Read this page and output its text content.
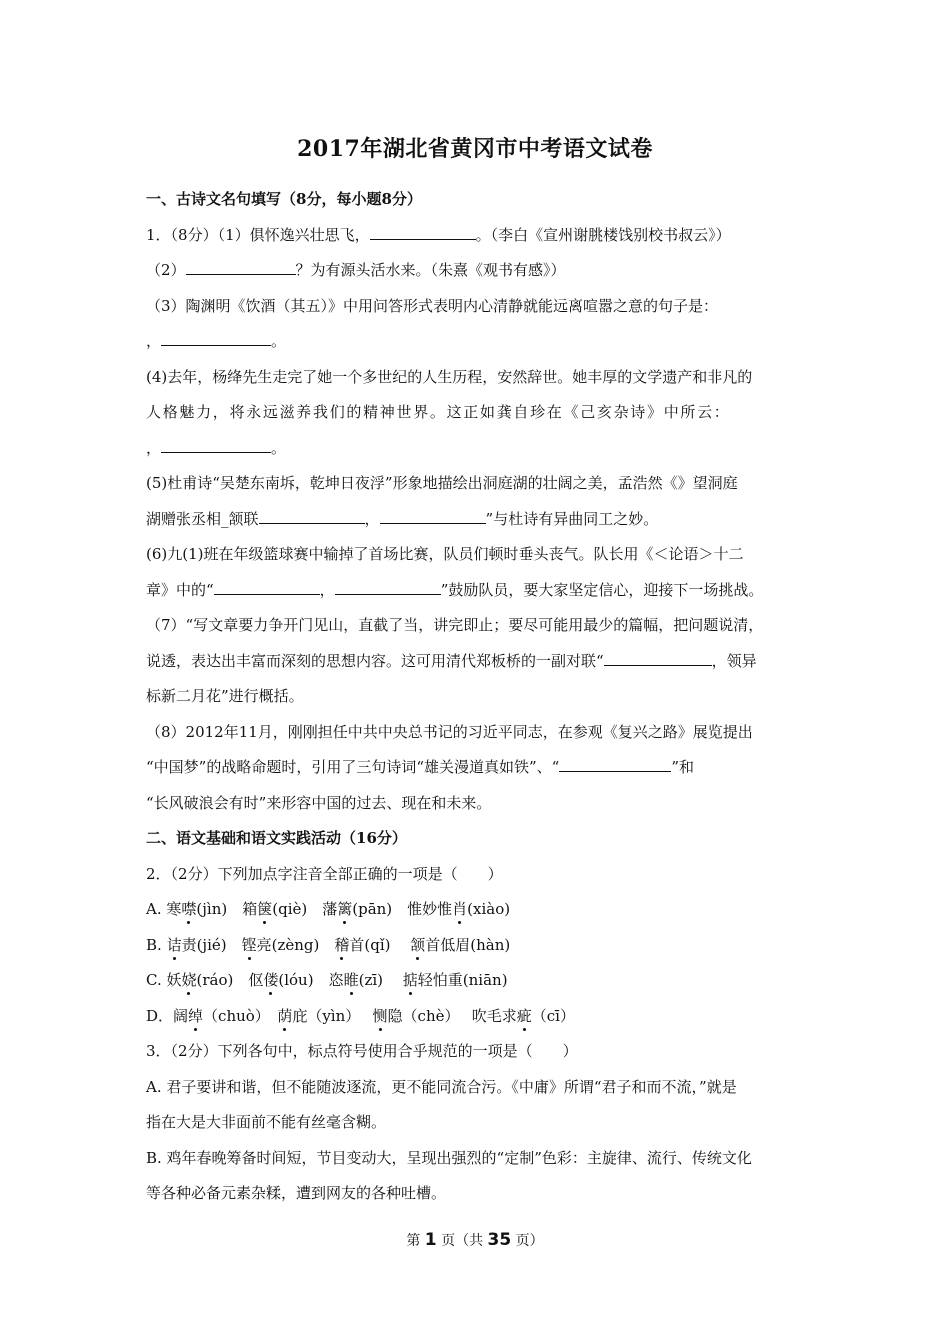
2017年湖北省黄冈市中考语文试卷
一、古诗文名句填写（8分，每小题8分）
1．（8分）（1）俱怀逸兴壮思飞，	。（李白《宣州谢朓楼饯别校书叔云》）
（2）	？为有源头活水来。（朱熹《观书有感》）
（3）陶渊明《饮酒（其五）》中用问答形式表明内心清静就能远离喧嚣之意的句子是：
，	。
(4)去年，杨绛先生走完了她一个多世纪的人生历程，安然辞世。她丰厚的文学遗产和非凡的
人格魅力，将永远滋养我们的精神世界。这正如龚自珍在《己亥杂诗》中所云：
，	。
(5)杜甫诗“吴楚东南坼，乾坤日夜浮”形象地描绘出洞庭湖的壮阔之美，孟浩然《》望洞庭
湖赠张丞相_颔联	，	”与杜诗有异曲同工之妙。
(6)九(1)班在年级篮球赛中输掉了首场比赛，队员们顿时垂头丧气。队长用《＜论语＞十二
章》中的“	，	”鼓励队员，要大家坚定信心，迎接下一场挑战。
（7）“写文章要力争开门见山，直截了当，讲完即止；要尽可能用最少的篇幅，把问题说清，
说透，表达出丰富而深刻的思想内容。这可用清代郑板桥的一副对联“	，领异
标新二月花”进行概括。
（8）2012年11月，刚刚担任中共中央总书记的习近平同志，在参观《复兴之路》展览提出
“中国梦”的战略命题时，引用了三句诗词“雄关漫道真如铁”、“	”和
“长风破浪会有时”来形容中国的过去、现在和未来。
二、语文基础和语文实践活动（16分）
2．（2分）下列加点字注音全部正确的一项是（　　）
A. 寒噤(jìn)　箱箧(qiè)　藩篱(pān)　惟妙惟肖(xiào)
B. 诘责(jié)　铿亮(zèng)　稽首(qǐ)　 颔首低眉(hàn)
C. 妖娆(ráo)　伛偻(lóu)　恣睢(zī)　 掂轻怕重(niān)
D．阔绰（chuò）　荫庇（yìn）　 恻隐（chè）　 吹毛求疵（cī）
3．（2分）下列各句中，标点符号使用合乎规范的一项是（　　）
A. 君子要讲和谐，但不能随波逐流，更不能同流合污。《中庸》所谓“君子和而不流，”就是
指在大是大非面前不能有丝毫含糊。
B. 鸡年春晚筹备时间短，节目变动大，呈现出强烈的“定制”色彩：主旋律、流行、传统文化
等各种必备元素杂糅，遭到网友的各种吐槽。
第 1 页（共 35 页）
